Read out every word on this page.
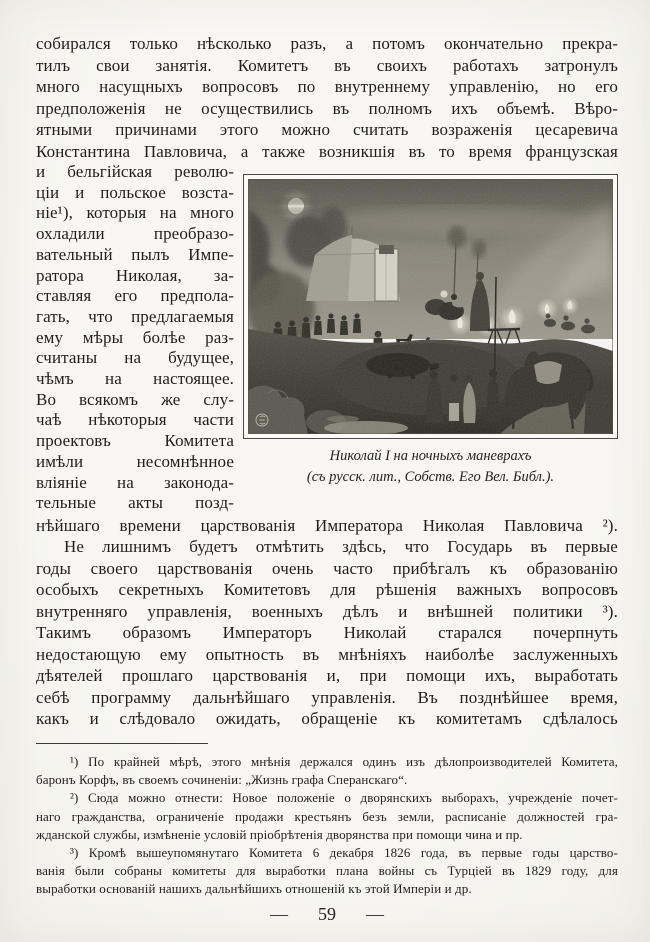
собирался только нѣсколько разъ, а потомъ окончательно прекра-
тилъ свои занятія. Комитетъ въ своихъ работахъ затронулъ
много насущныхъ вопросовъ по внутреннему управленію, но его
предположенія не осуществились въ полномъ ихъ объемѣ. Вѣро-
ятными причинами этого можно считать возраженія цесаревича
Константина Павловича, а также возникшія въ то время французская
и бельгійская револю-
ціи и польское возста-
ніе¹), которыя на много
охладили	преобразо-
вательный пылъ Импе-
ратора Николая, за-
ставляя его предпола-
гать, что предлагаемыя
ему мѣры болѣе раз-
считаны на будущее,
чѣмъ на настоящее.
Во всякомъ же слу-
чаѣ нѣкоторыя части
проектовъ	Комитета
имѣли	несомнѣнное
вліяніе на законода-
тельные акты позд-
Николай I на ночныхъ маневрахъ
(съ русск. лит., Собств. Его Вел. Библ.).
нѣйшаго времени царствованія Императора Николая Павловича ²).
Не лишнимъ будетъ отмѣтить здѣсь, что Государь въ первые
годы своего царствованія очень часто прибѣгалъ къ образованію
особыхъ секретныхъ Комитетовъ для рѣшенія важныхъ вопросовъ
внутренняго управленія, военныхъ дѣлъ и внѣшней политики ³).
Такимъ образомъ Императоръ Николай старался почерпнуть
недостающую ему опытность въ мнѣніяхъ наиболѣе заслуженныхъ
дѣятелей прошлаго царствованія и, при помощи ихъ, выработать
себѣ программу дальнѣйшаго управленія. Въ позднѣйшее время,
какъ и слѣдовало ожидать, обращеніе къ комитетамъ сдѣлалось
¹) По крайней мѣрѣ, этого мнѣнія держался одинъ изъ дѣлопроизводителей Комитета,
баронъ Корфъ, въ своемъ сочиненіи: „Жизнь графа Сперанскаго“.
²) Сюда можно отнести: Новое положеніе о дворянскихъ выборахъ, учрежденіе почет-
наго гражданства, ограниченіе продажи крестьянъ безъ земли, расписаніе должностей гра-
жданской службы, измѣненіе условій пріобрѣтенія дворянства при помощи чина и пр.
³) Кромѣ вышеупомянутаго Комитета 6 декабря 1826 года, въ первые годы царство-
ванія были собраны комитеты для выработки плана войны съ Турціей въ 1829 году, для
выработки основаній нашихъ дальнѣйшихъ отношеній къ этой Имперіи и др.
— 59 —
